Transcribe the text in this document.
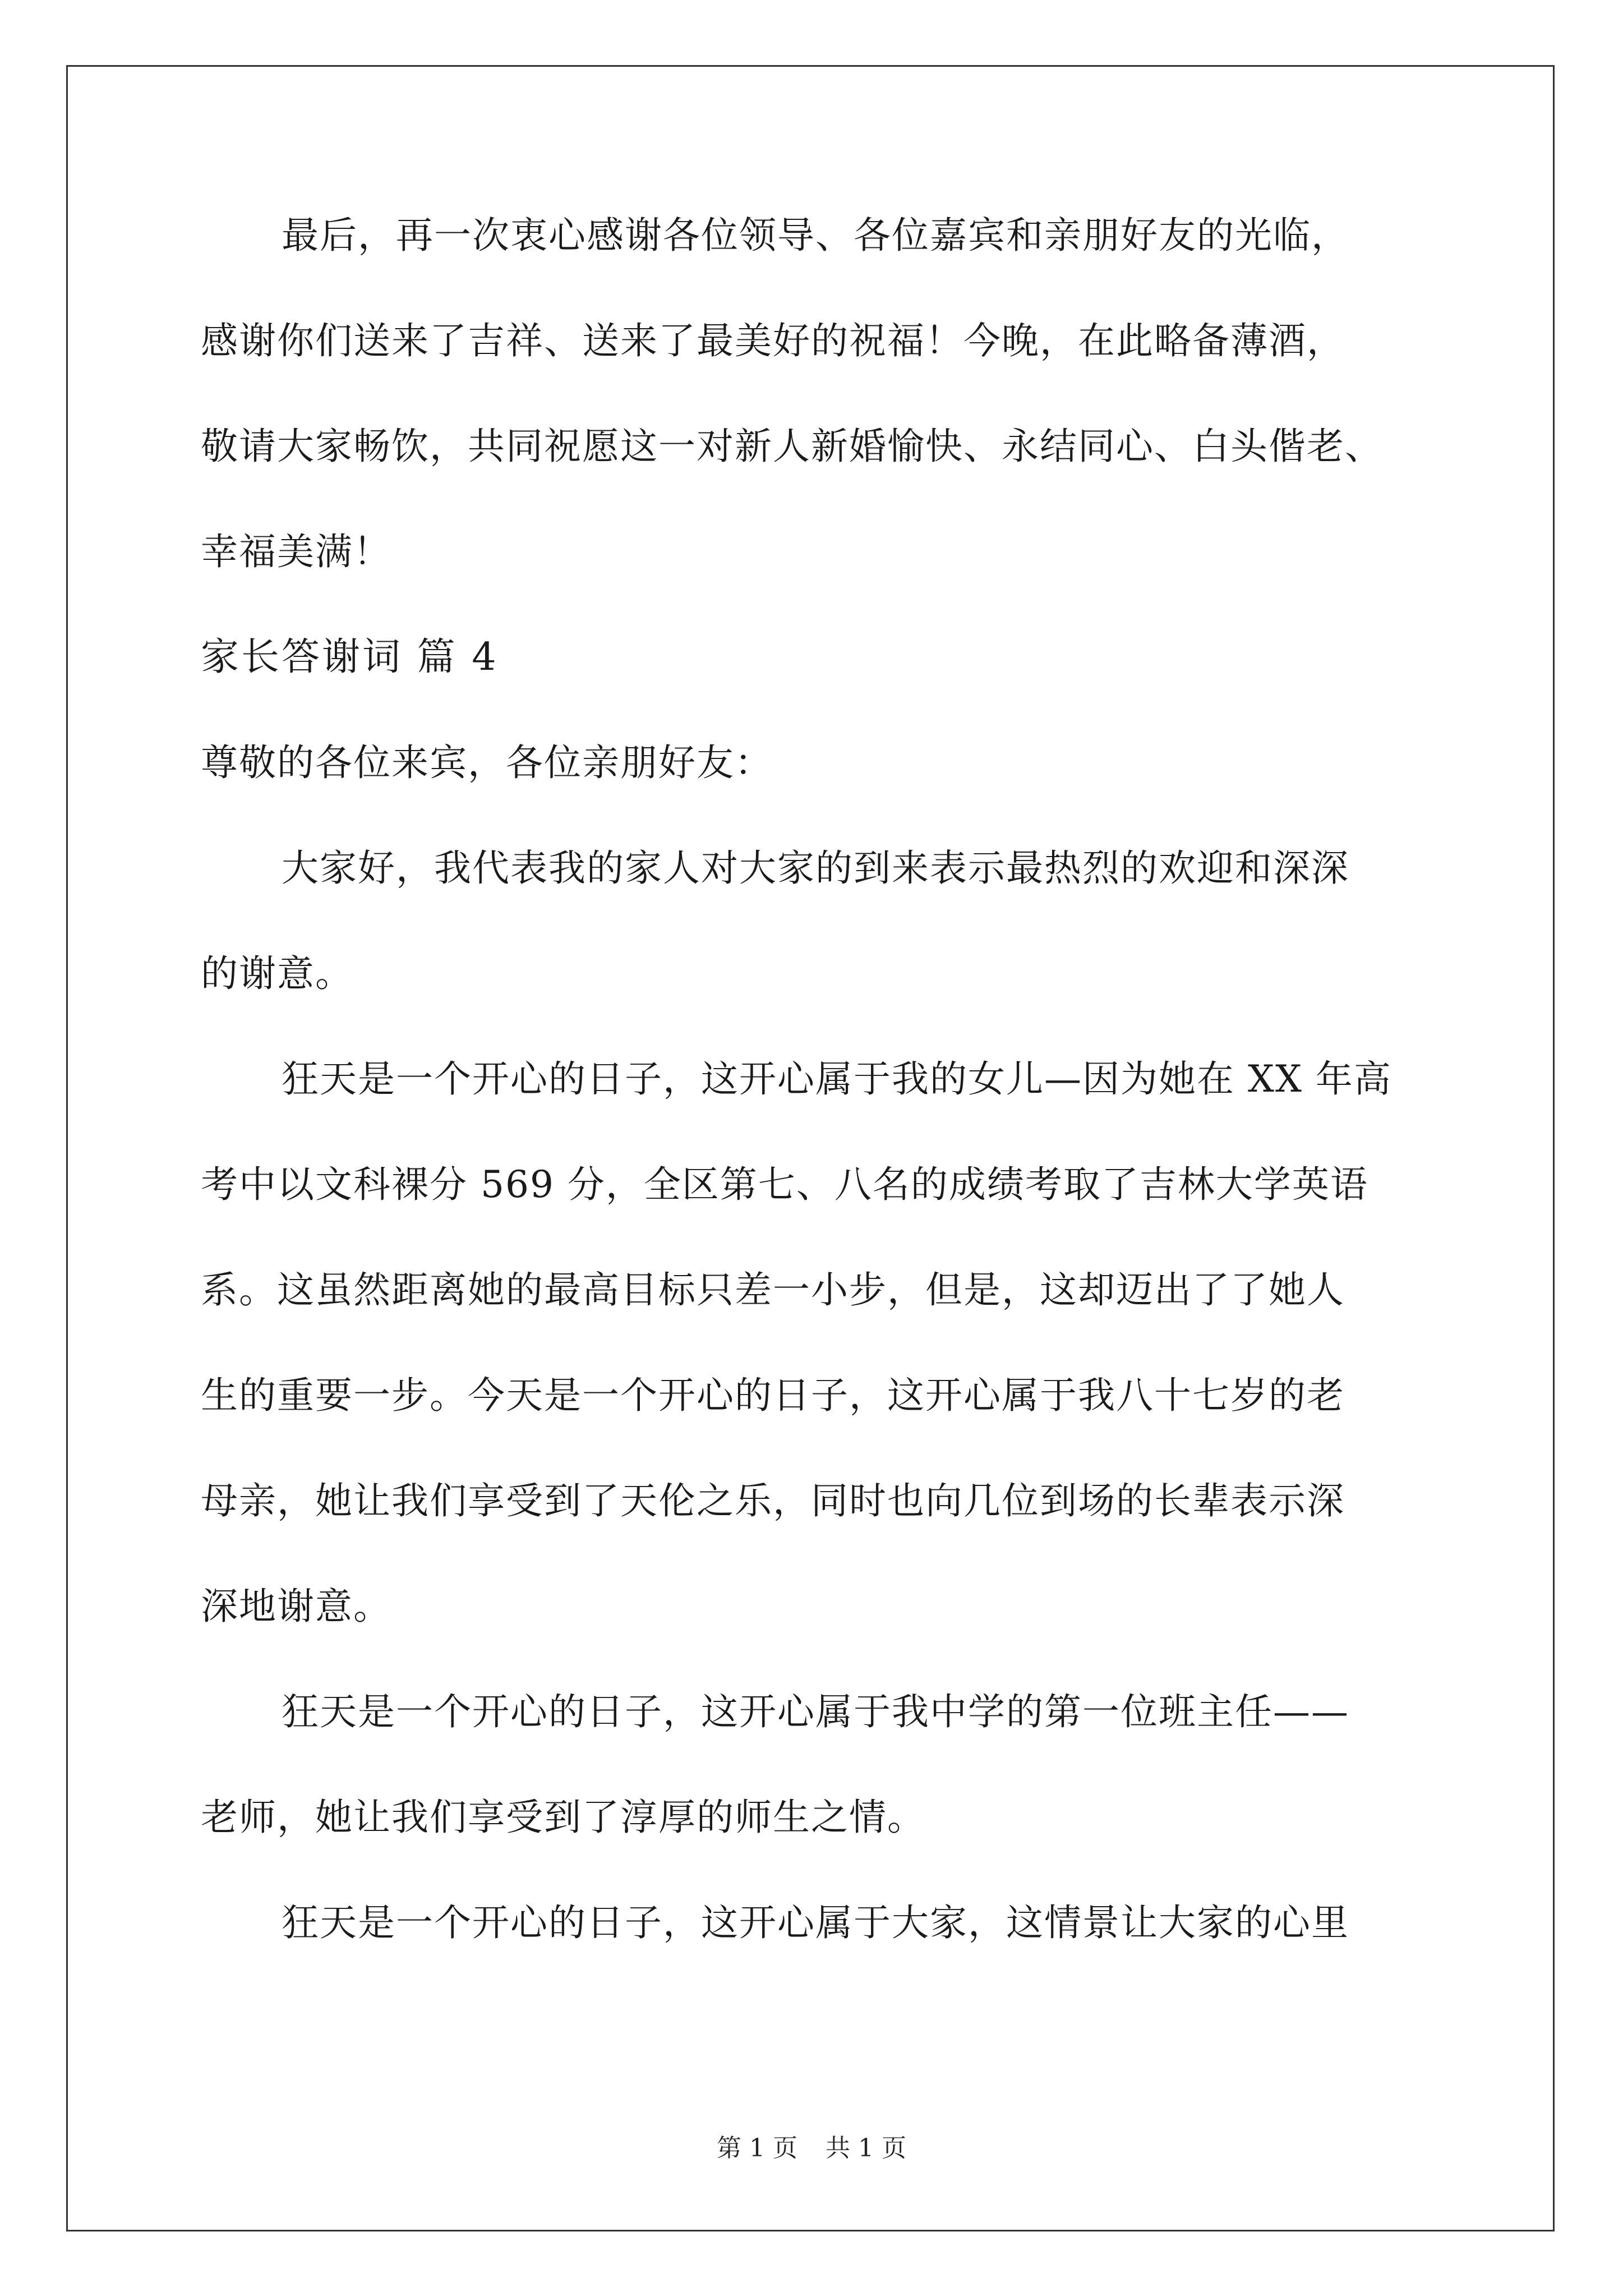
最后，再一次衷心感谢各位领导、各位嘉宾和亲朋好友的光临，
感谢你们送来了吉祥、送来了最美好的祝福！今晚，在此略备薄酒，
敬请大家畅饮，共同祝愿这一对新人新婚愉快、永结同心、白头偕老、
幸福美满！
家长答谢词 篇 4
尊敬的各位来宾，各位亲朋好友：
大家好，我代表我的家人对大家的到来表示最热烈的欢迎和深深
的谢意。
狂天是一个开心的日子，这开心属于我的女儿—因为她在 XX 年高
考中以文科裸分 569 分，全区第七、八名的成绩考取了吉林大学英语
系。这虽然距离她的最高目标只差一小步，但是，这却迈出了了她人
生的重要一步。今天是一个开心的日子，这开心属于我八十七岁的老
母亲，她让我们享受到了天伦之乐，同时也向几位到场的长辈表示深
深地谢意。
狂天是一个开心的日子，这开心属于我中学的第一位班主任——
老师，她让我们享受到了淳厚的师生之情。
狂天是一个开心的日子，这开心属于大家，这情景让大家的心里
第 1 页 共 1 页
